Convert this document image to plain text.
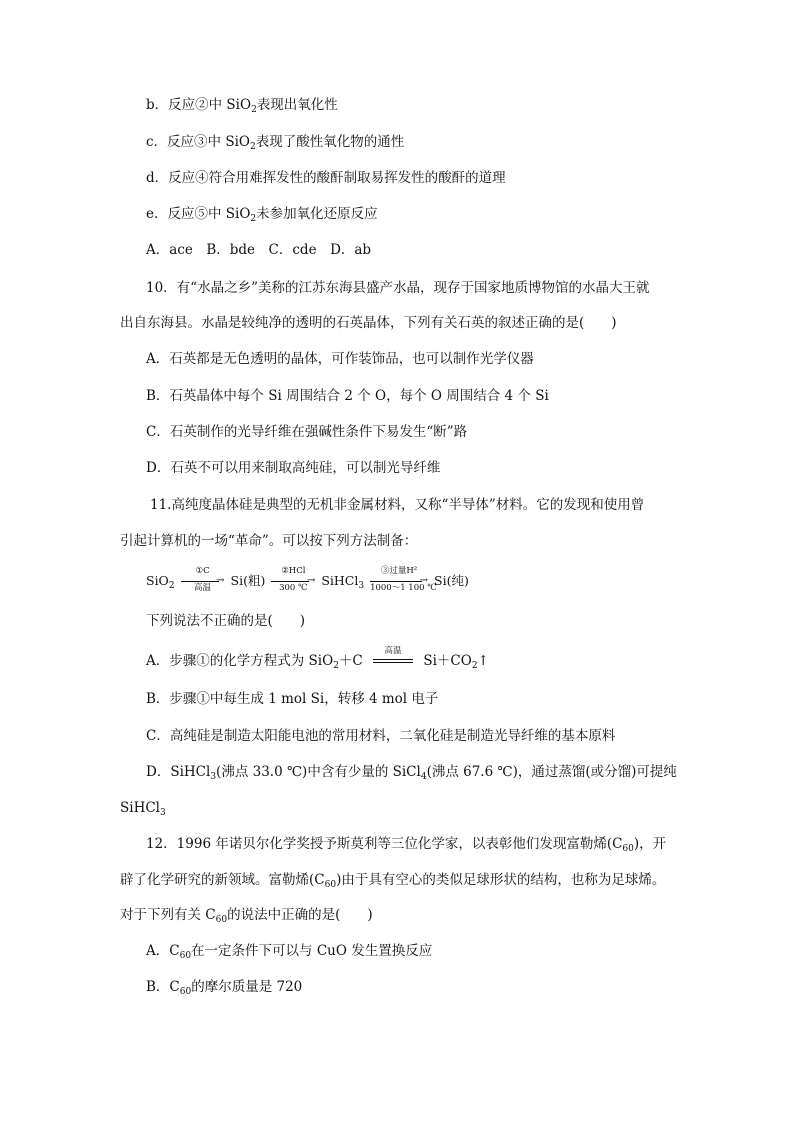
b．反应②中 SiO$_2$表现出氧化性
c．反应③中 SiO$_2$表现了酸性氧化物的通性
d．反应④符合用难挥发性的酸酐制取易挥发性的酸酐的道理
e．反应⑤中 SiO$_2$未参加氧化还原反应
A．ace　B．bde　C．cde　D．ab
10．有“水晶之乡”美称的江苏东海县盛产水晶，现存于国家地质博物馆的水晶大王就
出自东海县。水晶是较纯净的透明的石英晶体，下列有关石英的叙述正确的是(　　)
A．石英都是无色透明的晶体，可作装饰品，也可以制作光学仪器
B．石英晶体中每个 Si 周围结合 2 个 O，每个 O 周围结合 4 个 Si
C．石英制作的光导纤维在强碱性条件下易发生“断”路
D．石英不可以用来制取高纯硅，可以制光导纤维
11.高纯度晶体硅是典型的无机非金属材料，又称“半导体”材料。它的发现和使用曾
引起计算机的一场“革命”。可以按下列方法制备：
SiO$_2$
①C
→
高温	Si(粗)
②HCl
→
300 ℃	SiHCl$_3$
③过量H²
→
1000～1 100 ℃
Si(纯)
下列说法不正确的是(　　)
A．步骤①的化学方程式为 SiO$_2$＋C
高温
$Si+CO_2↑$
B．步骤①中每生成 1 mol Si，转移 4 mol 电子
C．高纯硅是制造太阳能电池的常用材料，二氧化硅是制造光导纤维的基本原料
D．SiHCl$_3$(沸点 33.0 ℃)中含有少量的 SiCl$_4$(沸点 67.6 ℃)，通过蒸馏(或分馏)可提纯
SiHCl$_3$
12．1996 年诺贝尔化学奖授予斯莫利等三位化学家，以表彰他们发现富勒烯$(C_{60})$，开
辟了化学研究的新领域。富勒烯$(C_{60})$由于具有空心的类似足球形状的结构，也称为足球烯。
对于下列有关 $C_{60}$的说法中正确的是(　　)
A．$C_{60}$在一定条件下可以与 CuO 发生置换反应
B．$C_{60}$的摩尔质量是 720
